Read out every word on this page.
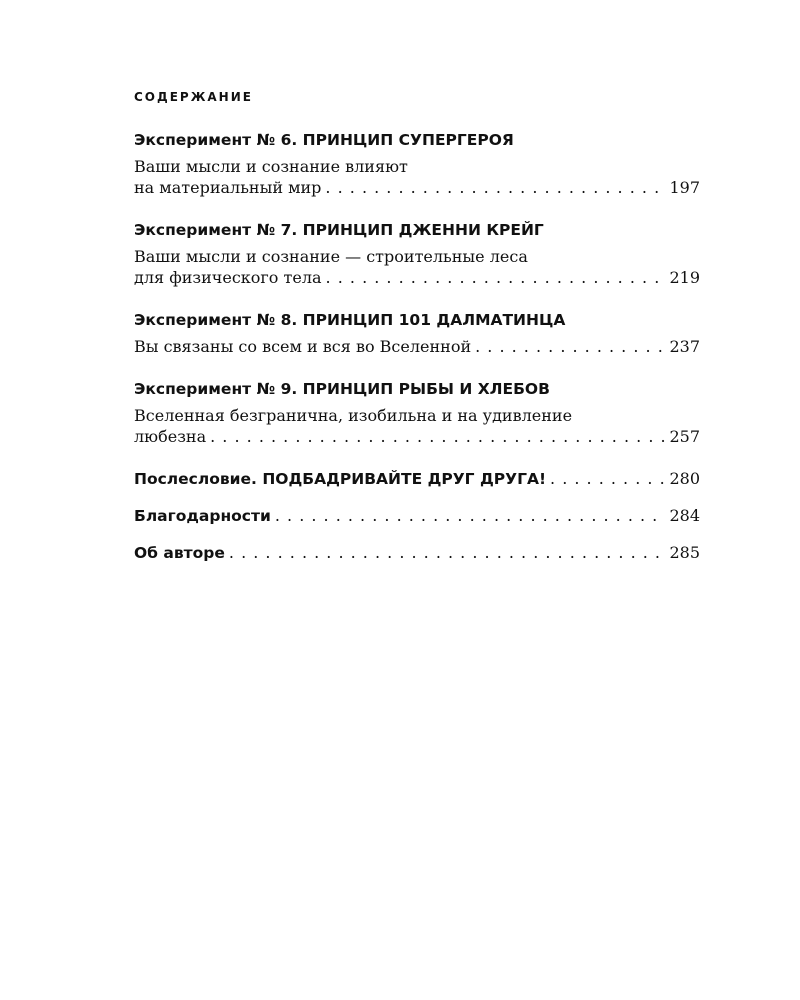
СОДЕРЖАНИЕ
Эксперимент № 6. ПРИНЦИП СУПЕРГЕРОЯ
Ваши мысли и сознание влияют
на материальный мир . . .	197
Эксперимент № 7. ПРИНЦИП ДЖЕННИ КРЕЙГ
Ваши мысли и сознание — строительные леса
для физического тела . . .	219
Эксперимент № 8. ПРИНЦИП 101 ДАЛМАТИНЦА
Вы связаны со всем и вся во Вселенной . . .	237
Эксперимент № 9. ПРИНЦИП РЫБЫ И ХЛЕБОВ
Вселенная безгранична, изобильна и на удивление
любезна . . .	257
Послесловие. ПОДБАДРИВАЙТЕ ДРУГ ДРУГА! . . .	280
Благодарности . . .	284
Об авторе . . .	285
